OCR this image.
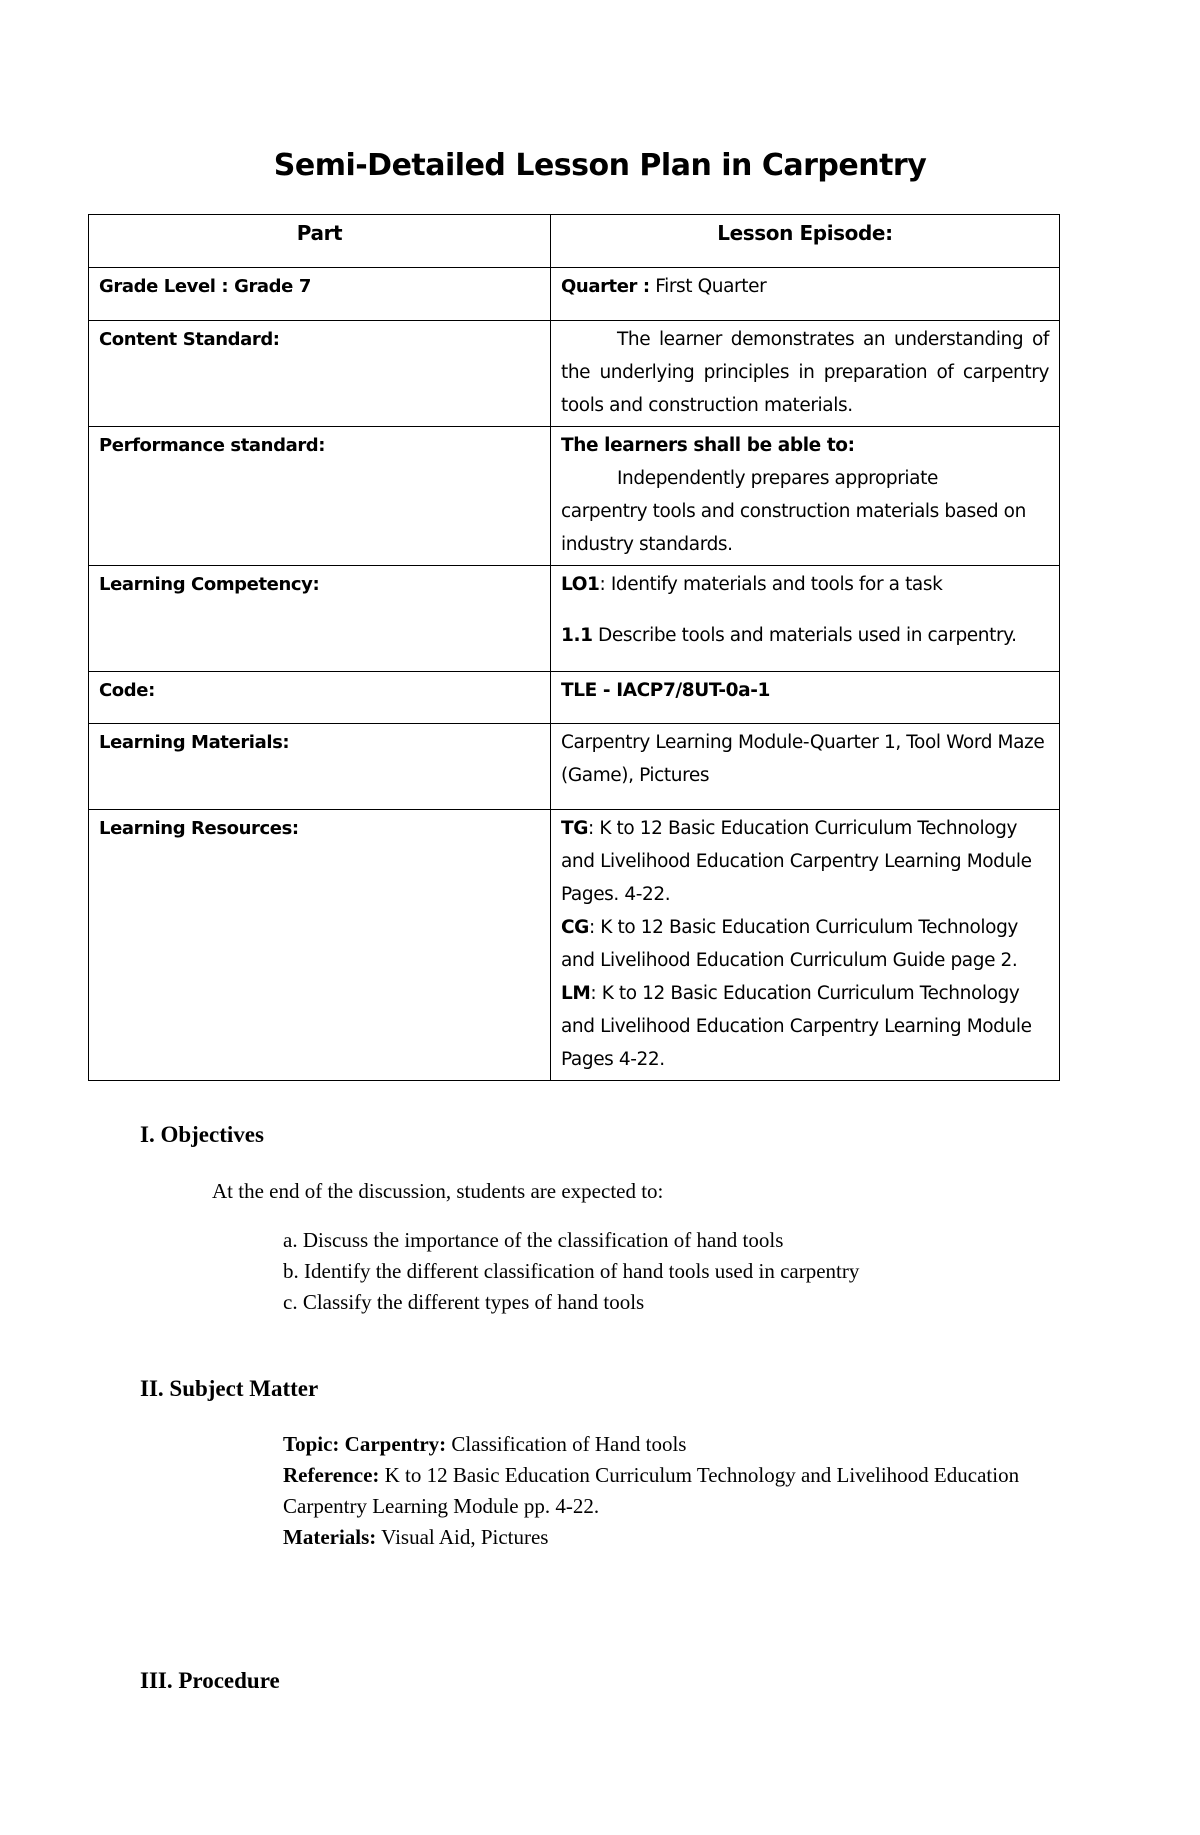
Semi-Detailed Lesson Plan in Carpentry
Part	Lesson Episode:
Grade Level : Grade 7	Quarter : First Quarter
Content Standard:	The learner demonstrates an understanding of the underlying principles in preparation of carpentry tools and construction materials.

Performance standard:	The learners shall be able to:
Independently prepares appropriate carpentry tools and construction materials based on industry standards.

Learning Competency:	LO1: Identify materials and tools for a task
1.1 Describe tools and materials used in carpentry.

Code:	TLE - IACP7/8UT-0a-1
Learning Materials:	Carpentry Learning Module-Quarter 1, Tool Word Maze (Game), Pictures
Learning Resources:	TG: K to 12 Basic Education Curriculum Technology and Livelihood Education Carpentry Learning Module Pages. 4-22.
CG: K to 12 Basic Education Curriculum Technology and Livelihood Education Curriculum Guide page 2.
LM: K to 12 Basic Education Curriculum Technology and Livelihood Education Carpentry Learning Module Pages 4-22.
I. Objectives
At the end of the discussion, students are expected to:
a. Discuss the importance of the classification of hand tools
b. Identify the different classification of hand tools used in carpentry
c. Classify the different types of hand tools
II. Subject Matter
Topic: Carpentry: Classification of Hand tools
Reference: K to 12 Basic Education Curriculum Technology and Livelihood Education Carpentry Learning Module pp. 4-22.
Materials: Visual Aid, Pictures
III. Procedure
